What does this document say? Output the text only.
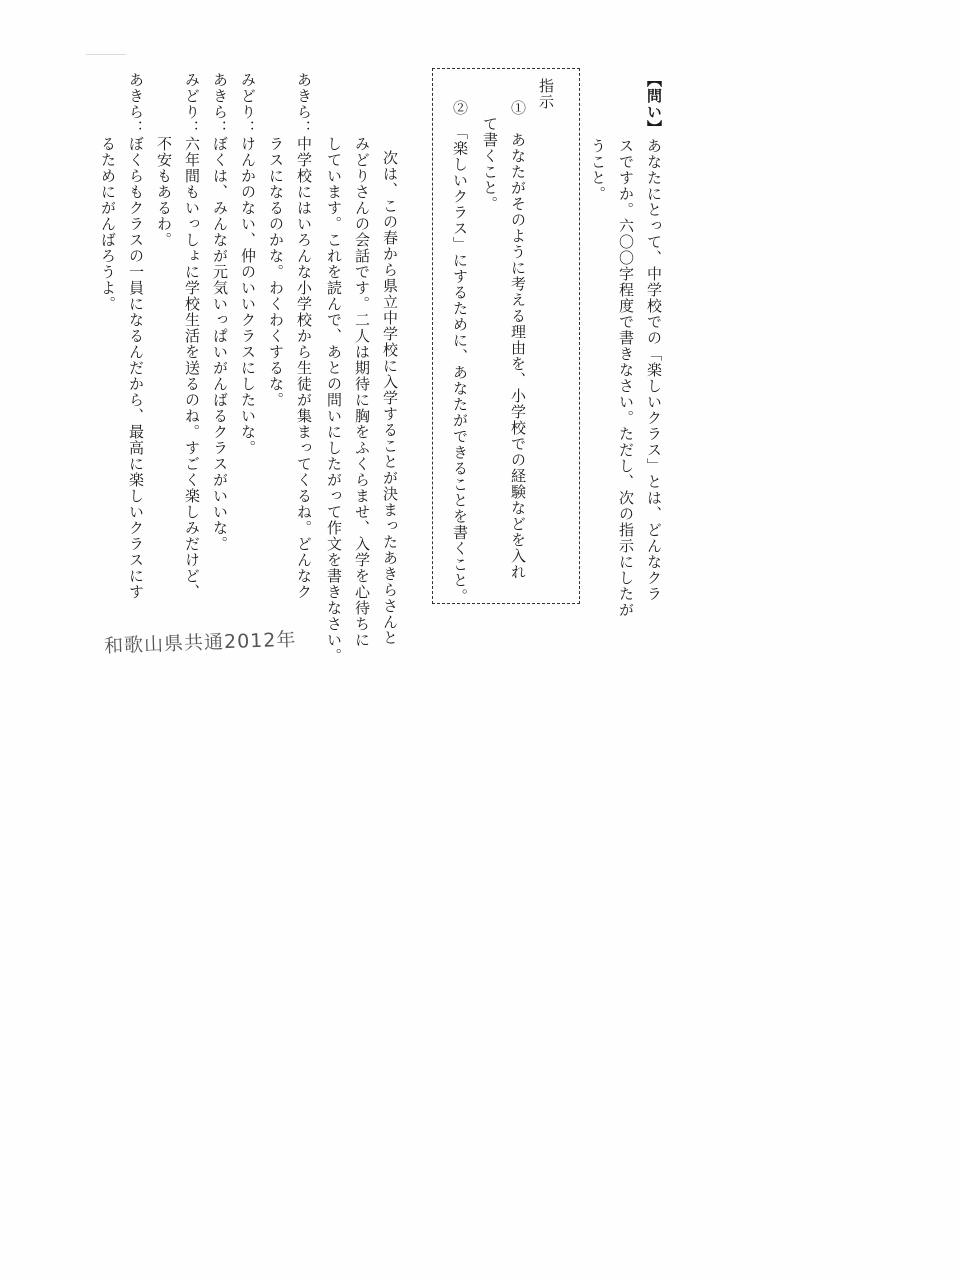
【問い】

あなたにとって、中学校での「楽しいクラス」とは、どんなクラ

スですか。六〇〇字程度で書きなさい。ただし、次の指示にしたが

うこと。

指示

①　あなたがそのように考える理由を、小学校での経験などを入れ

　て書くこと。

②　「楽しいクラス」にするために、あなたができることを書くこと。

次は、この春から県立中学校に入学することが決まったあきらさんと

みどりさんの会話です。二人は期待に胸をふくらませ、入学を心待ちに

しています。これを読んで、あとの問いにしたがって作文を書きなさい。

あきら：中学校にはいろんな小学校から生徒が集まってくるね。どんなク

　　　　ラスになるのかな。わくわくするな。

みどり：けんかのない、仲のいいクラスにしたいな。

あきら：ぼくは、みんなが元気いっぱいがんばるクラスがいいな。

みどり：六年間もいっしょに学校生活を送るのね。すごく楽しみだけど、

　　　　不安もあるわ。

あきら：ぼくらもクラスの一員になるんだから、最高に楽しいクラスにす

　　　　るためにがんばろうよ。

和歌山県共通2012年
